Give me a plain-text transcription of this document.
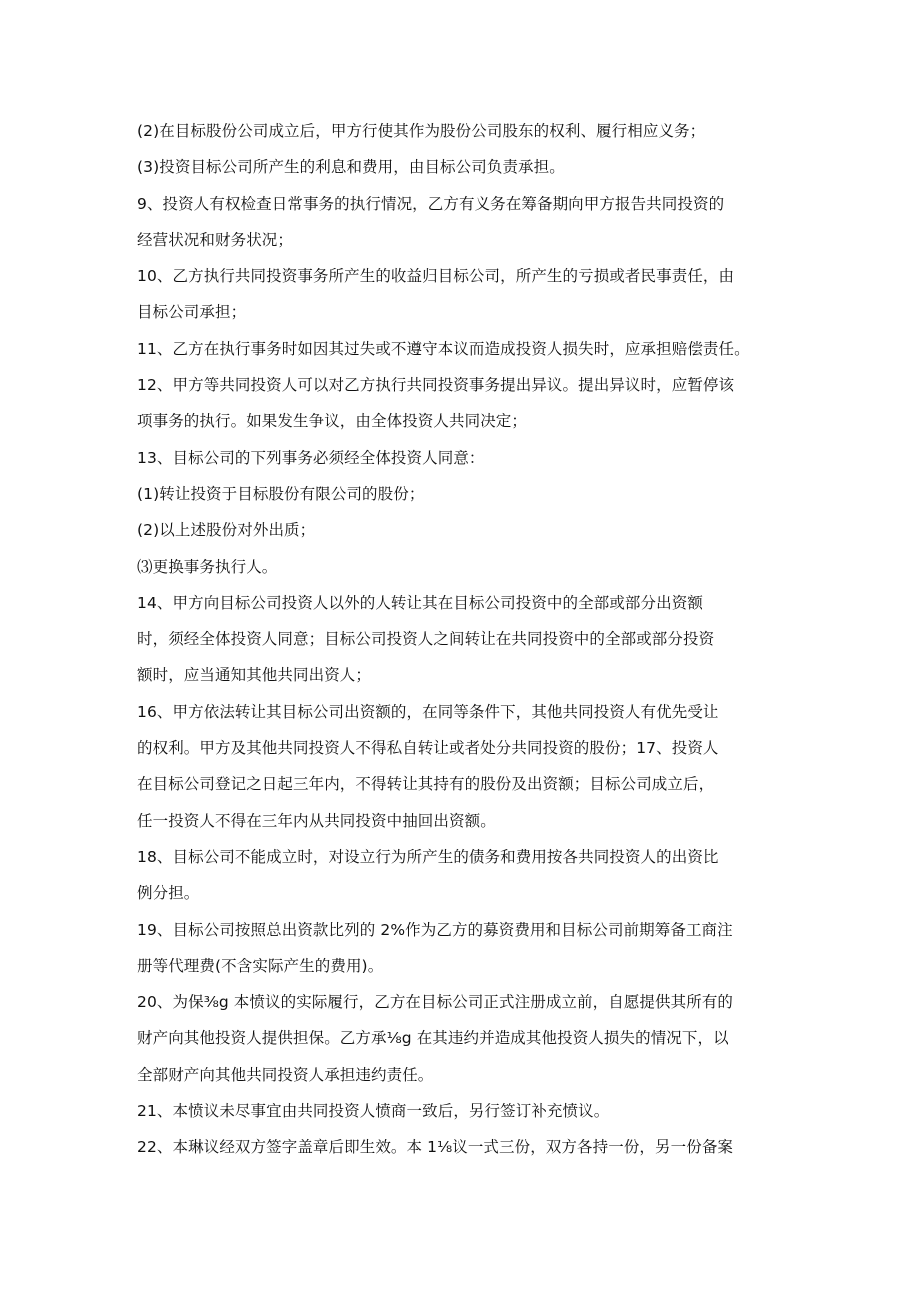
(2)在目标股份公司成立后，甲方行使其作为股份公司股东的权利、履行相应义务；
(3)投资目标公司所产生的利息和费用，由目标公司负责承担。
9、投资人有权检查日常事务的执行情况，乙方有义务在筹备期向甲方报告共同投资的
经营状况和财务状况；
10、乙方执行共同投资事务所产生的收益归目标公司，所产生的亏损或者民事责任，由
目标公司承担；
11、乙方在执行事务时如因其过失或不遵守本议而造成投资人损失时，应承担赔偿责任。
12、甲方等共同投资人可以对乙方执行共同投资事务提出异议。提出异议时，应暂停该
项事务的执行。如果发生争议，由全体投资人共同决定；
13、目标公司的下列事务必须经全体投资人同意：
(1)转让投资于目标股份有限公司的股份；
(2)以上述股份对外出质；
⑶更换事务执行人。
14、甲方向目标公司投资人以外的人转让其在目标公司投资中的全部或部分出资额
时，须经全体投资人同意；目标公司投资人之间转让在共同投资中的全部或部分投资
额时，应当通知其他共同出资人；
16、甲方依法转让其目标公司出资额的，在同等条件下，其他共同投资人有优先受让
的权利。甲方及其他共同投资人不得私自转让或者处分共同投资的股份；17、投资人
在目标公司登记之日起三年内，不得转让其持有的股份及出资额；目标公司成立后，
任一投资人不得在三年内从共同投资中抽回出资额。
18、目标公司不能成立时，对设立行为所产生的债务和费用按各共同投资人的出资比
例分担。
19、目标公司按照总出资款比列的 2%作为乙方的募资费用和目标公司前期筹备工商注
册等代理费(不含实际产生的费用)。
20、为保⅜g 本愤议的实际履行，乙方在目标公司正式注册成立前，自愿提供其所有的
财产向其他投资人提供担保。乙方承⅛g 在其违约并造成其他投资人损失的情况下，以
全部财产向其他共同投资人承担违约责任。
21、本愤议未尽事宜由共同投资人愤商一致后，另行签订补充愤议。
22、本琳议经双方签字盖章后即生效。本 1⅛议一式三份，双方各持一份，另一份备案
